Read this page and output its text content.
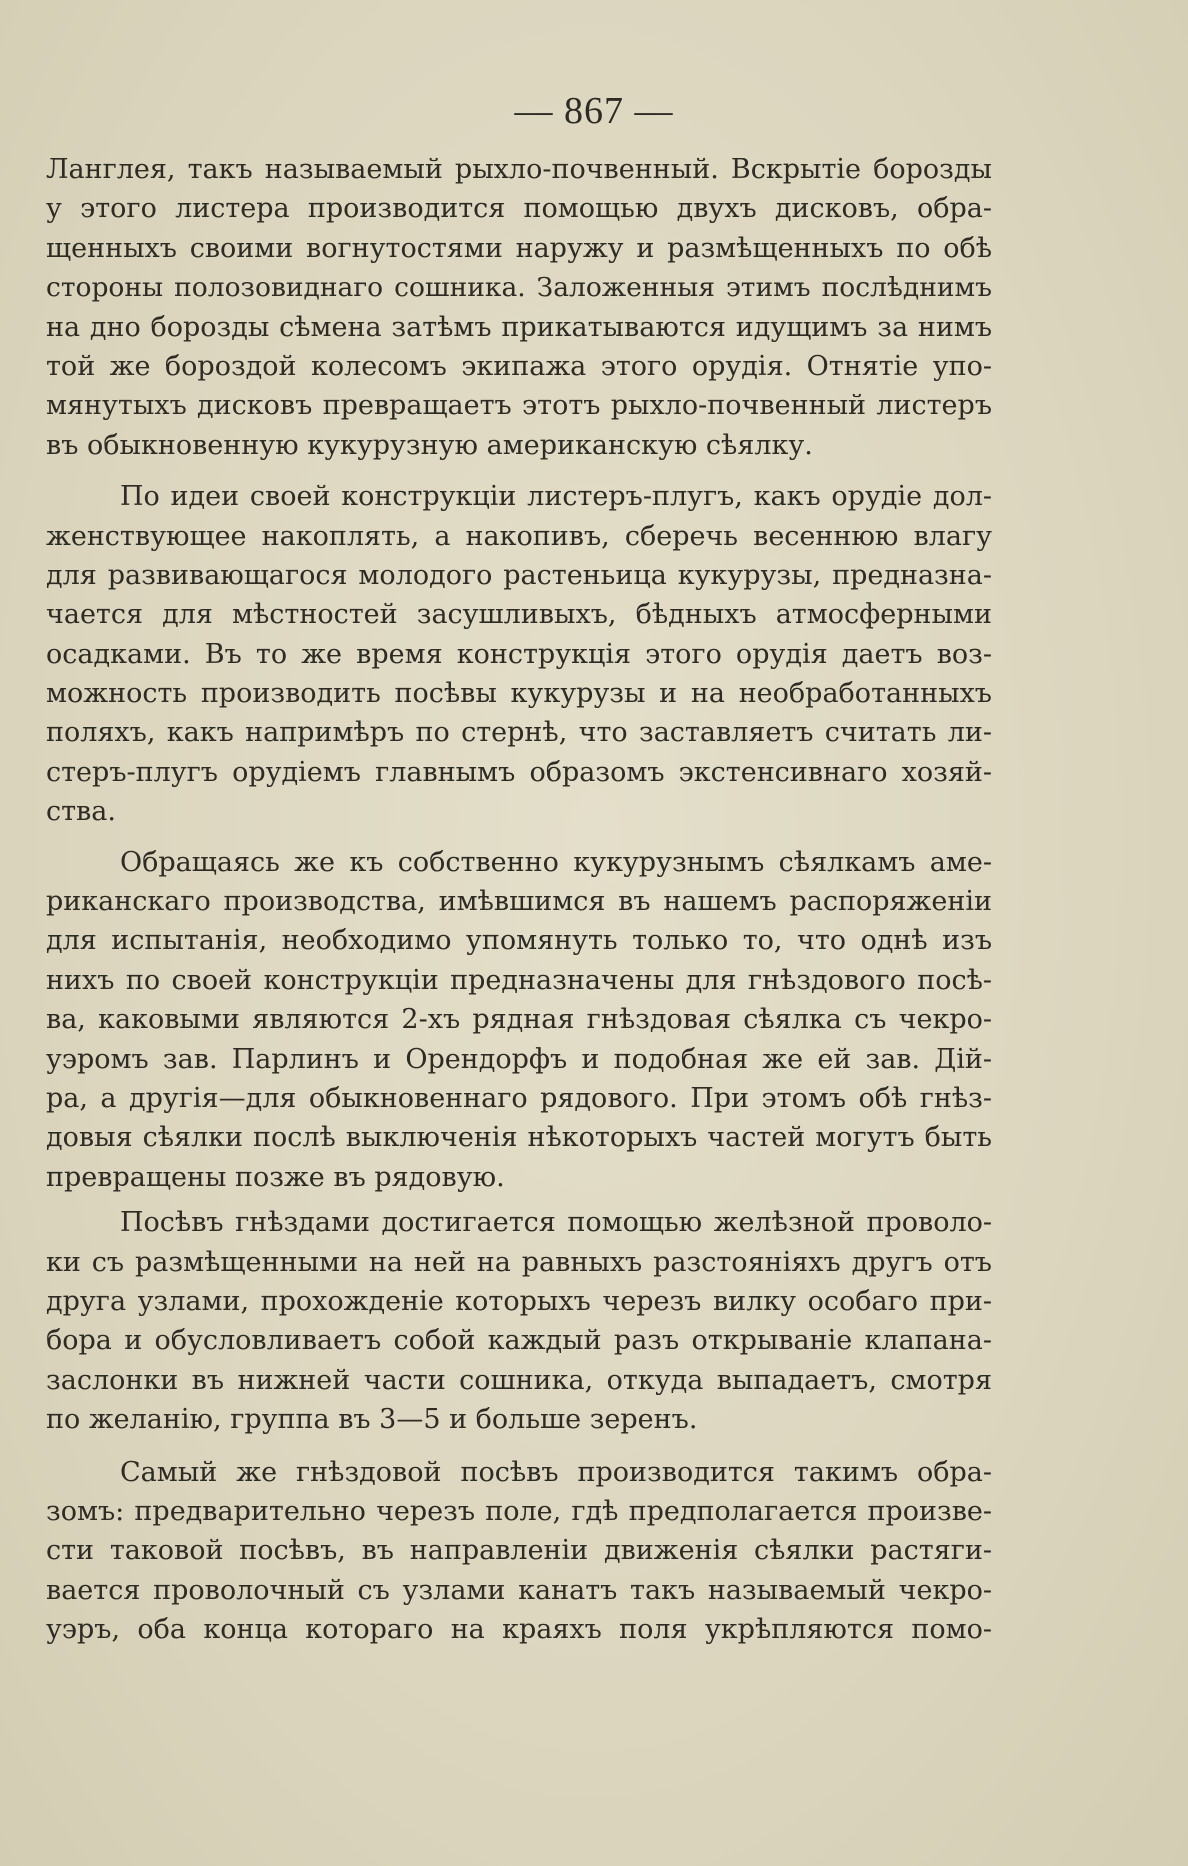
— 867 —
Ланглея, такъ называемый рыхло-почвенный. Вскрытіе борозды
у этого листера производится помощью двухъ дисковъ, обра-
щенныхъ своими вогнутостями наружу и размѣщенныхъ по обѣ
стороны полозовиднаго сошника. Заложенныя этимъ послѣднимъ
на дно борозды сѣмена затѣмъ прикатываются идущимъ за нимъ
той же бороздой колесомъ экипажа этого орудія. Отнятіе упо-
мянутыхъ дисковъ превращаетъ этотъ рыхло-почвенный листеръ
въ обыкновенную кукурузную американскую сѣялку.
По идеи своей конструкціи листеръ-плугъ, какъ орудіе дол-
женствующее накоплять, а накопивъ, сберечь весеннюю влагу
для развивающагося молодого растеньица кукурузы, предназна-
чается для мѣстностей засушливыхъ, бѣдныхъ атмосферными
осадками. Въ то же время конструкція этого орудія даетъ воз-
можность производить посѣвы кукурузы и на необработанныхъ
поляхъ, какъ напримѣръ по стернѣ, что заставляетъ считать ли-
стеръ-плугъ орудіемъ главнымъ образомъ экстенсивнаго хозяй-
ства.
Обращаясь же къ собственно кукурузнымъ сѣялкамъ аме-
риканскаго производства, имѣвшимся въ нашемъ распоряженіи
для испытанія, необходимо упомянуть только то, что однѣ изъ
нихъ по своей конструкціи предназначены для гнѣздового посѣ-
ва, каковыми являются 2-хъ рядная гнѣздовая сѣялка съ чекро-
уэромъ зав. Парлинъ и Орендорфъ и подобная же ей зав. Дій-
ра, а другія—для обыкновеннаго рядового. При этомъ обѣ гнѣз-
довыя сѣялки послѣ выключенія нѣкоторыхъ частей могутъ быть
превращены позже въ рядовую.
Посѣвъ гнѣздами достигается помощью желѣзной проволо-
ки съ размѣщенными на ней на равныхъ разстояніяхъ другъ отъ
друга узлами, прохожденіе которыхъ черезъ вилку особаго при-
бора и обусловливаетъ собой каждый разъ открываніе клапана-
заслонки въ нижней части сошника, откуда выпадаетъ, смотря
по желанію, группа въ 3—5 и больше зеренъ.
Самый же гнѣздовой посѣвъ производится такимъ обра-
зомъ: предварительно черезъ поле, гдѣ предполагается произве-
сти таковой посѣвъ, въ направленіи движенія сѣялки растяги-
вается проволочный съ узлами канатъ такъ называемый чекро-
уэръ, оба конца котораго на краяхъ поля укрѣпляются помо-
